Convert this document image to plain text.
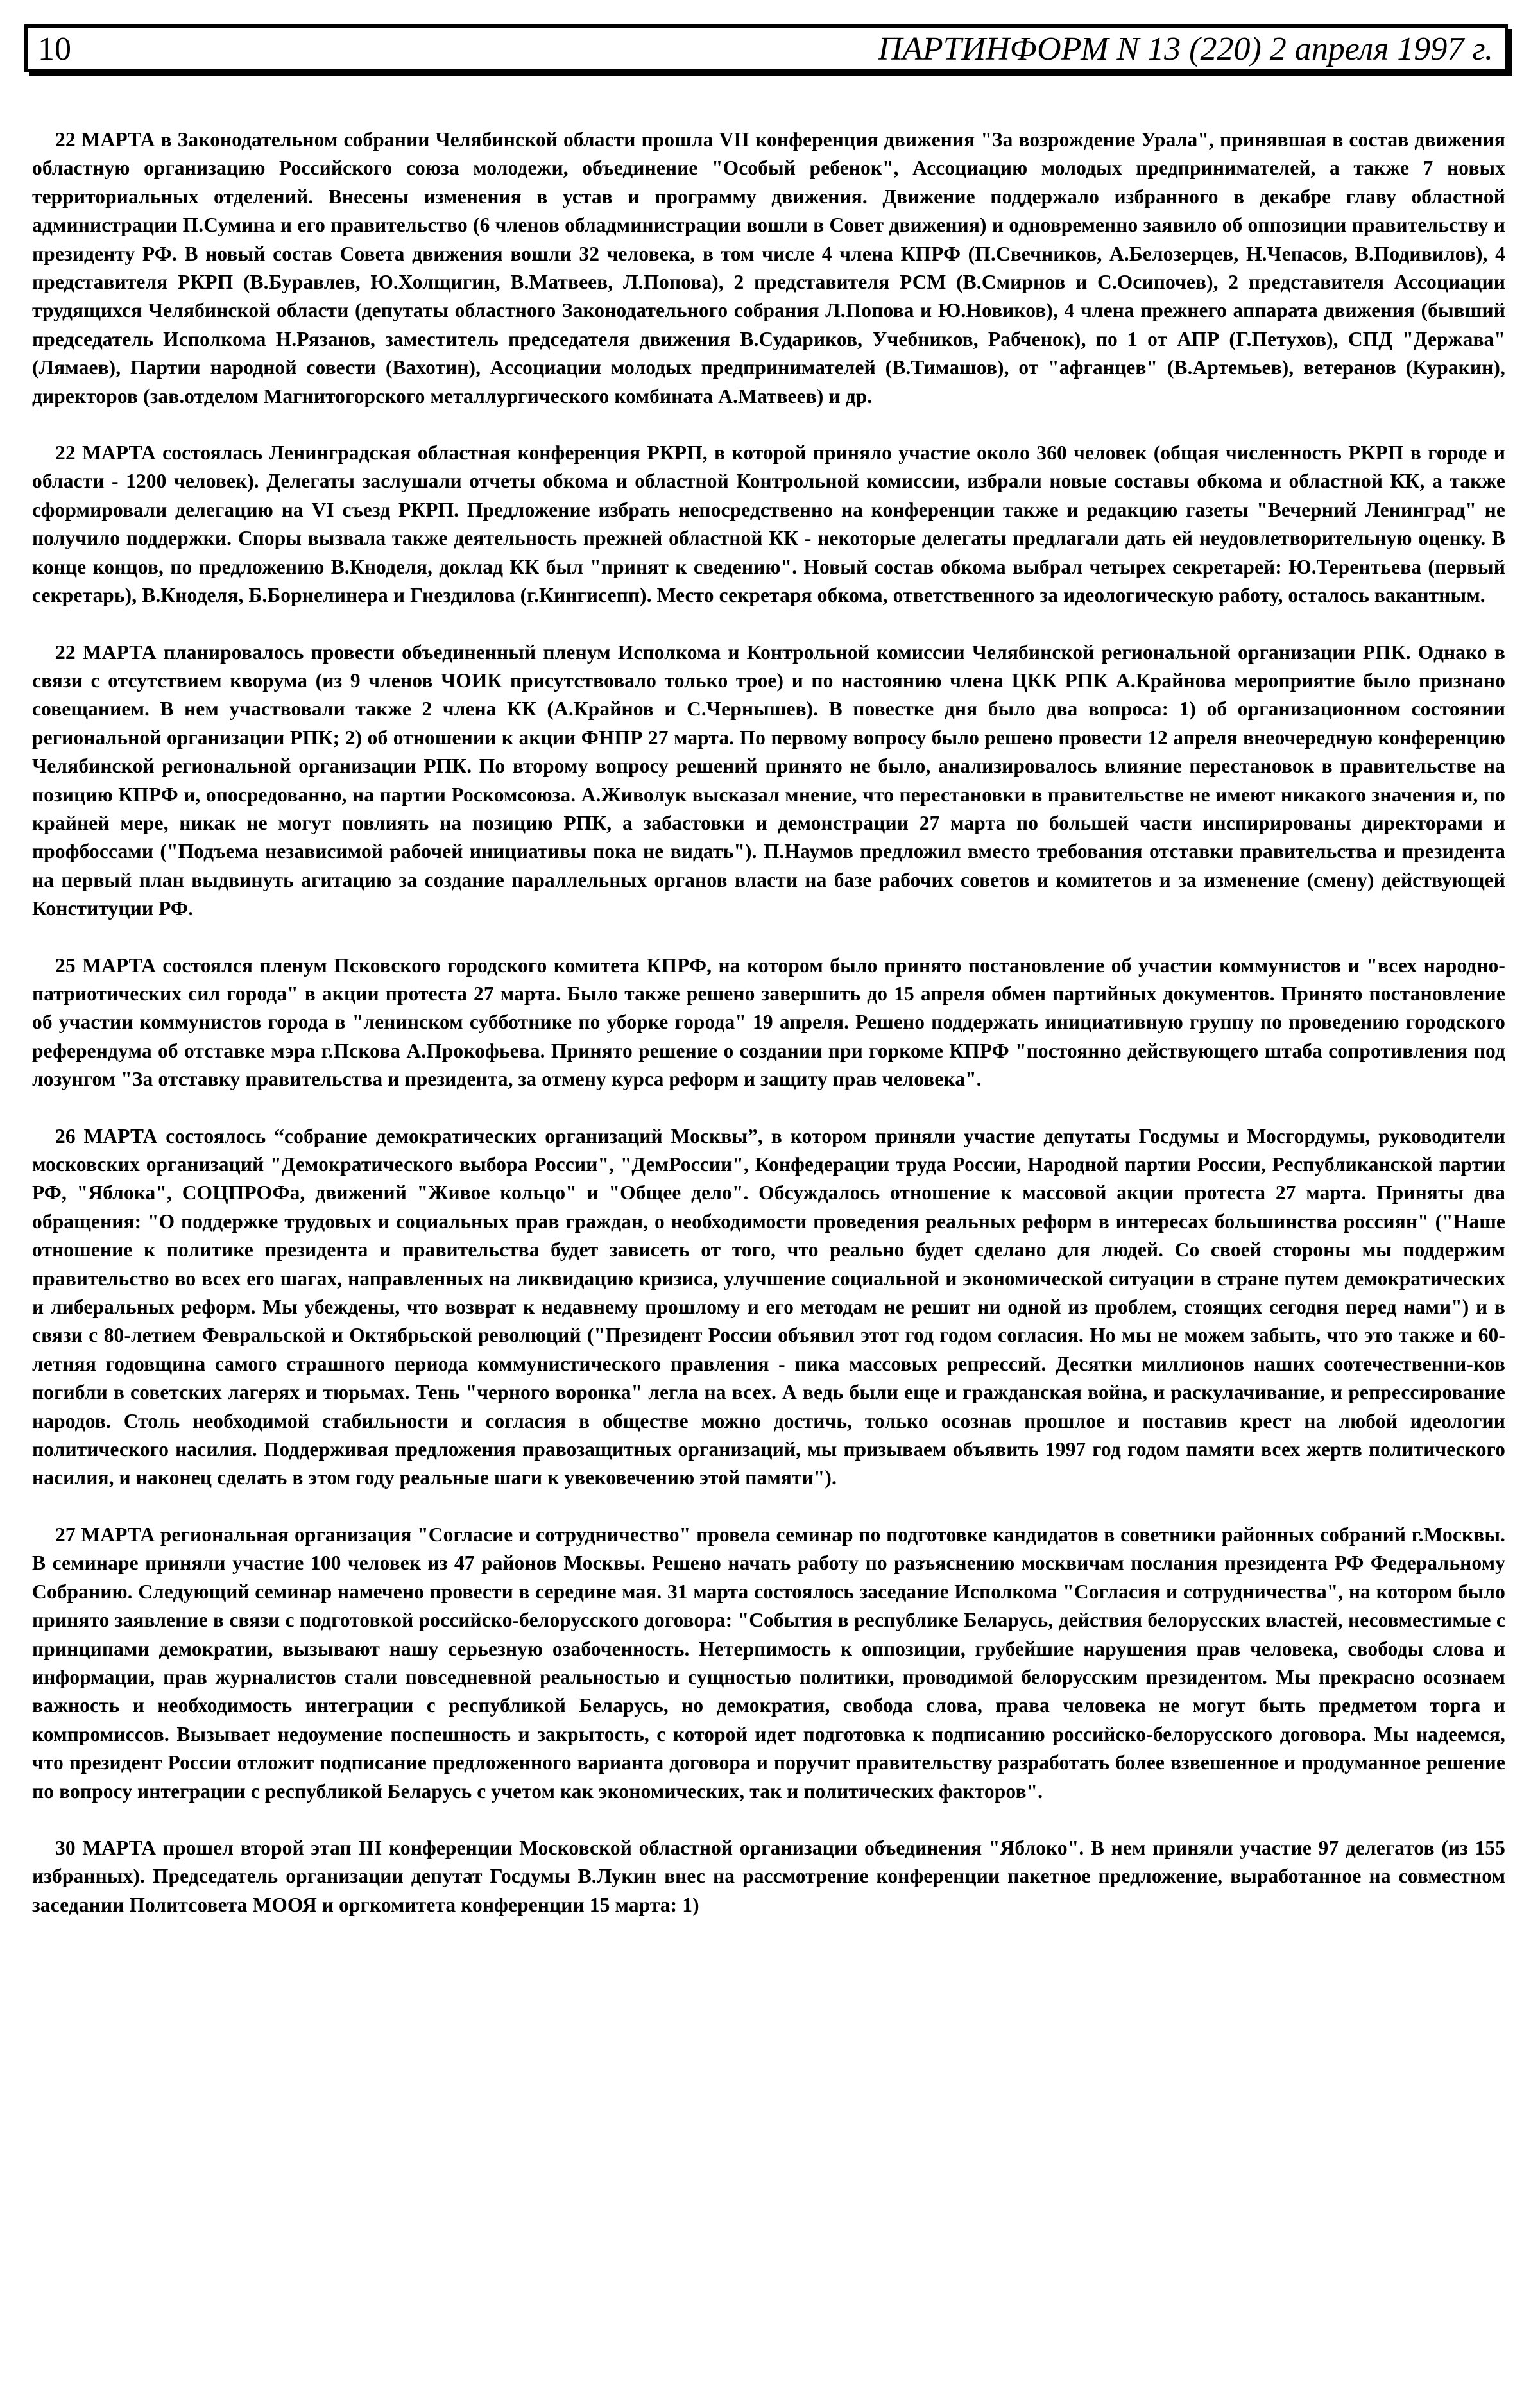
10	ПАРТИНФОРМ N 13 (220) 2 апреля 1997 г.

22 МАРТА в Законодательном собрании Челябинской области прошла VII конференция движения "За возрождение Урала", принявшая в состав движения областную организацию Российского союза молодежи, объединение "Особый ребенок", Ассоциацию молодых предпринимателей, а также 7 новых территориальных отделений. Внесены изменения в устав и программу движения. Движение поддержало избранного в декабре главу областной администрации П.Сумина и его правительство (6 членов обладминистрации вошли в Совет движения) и одновременно заявило об оппозиции правительству и президенту РФ. В новый состав Совета движения вошли 32 человека, в том числе 4 члена КПРФ (П.Свечников, А.Белозерцев, Н.Чепасов, В.Подивилов), 4 представителя РКРП (В.Буравлев, Ю.Холщигин, В.Матвеев, Л.Попова), 2 представителя РСМ (В.Смирнов и С.Осипочев), 2 представителя Ассоциации трудящихся Челябинской области (депутаты областного Законодательного собрания Л.Попова и Ю.Новиков), 4 члена прежнего аппарата движения (бывший председатель Исполкома Н.Рязанов, заместитель председателя движения В.Судариков, Учебников, Рабченок), по 1 от АПР (Г.Петухов), СПД "Держава" (Лямаев), Партии народной совести (Вахотин), Ассоциации молодых предпринимателей (В.Тимашов), от "афганцев" (В.Артемьев), ветеранов (Куракин), директоров (зав.отделом Магнитогорского металлургического комбината А.Матвеев) и др.

22 МАРТА состоялась Ленинградская областная конференция РКРП, в которой приняло участие около 360 человек (общая численность РКРП в городе и области - 1200 человек). Делегаты заслушали отчеты обкома и областной Контрольной комиссии, избрали новые составы обкома и областной КК, а также сформировали делегацию на VI съезд РКРП. Предложение избрать непосредственно на конференции также и редакцию газеты "Вечерний Ленинград" не получило поддержки. Споры вызвала также деятельность прежней областной КК - некоторые делегаты предлагали дать ей неудовлетворительную оценку. В конце концов, по предложению В.Кноделя, доклад КК был "принят к сведению". Новый состав обкома выбрал четырех секретарей: Ю.Терентьева (первый секретарь), В.Кноделя, Б.Борнелинера и Гнездилова (г.Кингисепп). Место секретаря обкома, ответственного за идеологическую работу, осталось вакантным.

22 МАРТА планировалось провести объединенный пленум Исполкома и Контрольной комиссии Челябинской региональной организации РПК. Однако в связи с отсутствием кворума (из 9 членов ЧОИК присутствовало только трое) и по настоянию члена ЦКК РПК А.Крайнова мероприятие было признано совещанием. В нем участвовали также 2 члена КК (А.Крайнов и С.Чернышев). В повестке дня было два вопроса: 1) об организационном состоянии региональной организации РПК; 2) об отношении к акции ФНПР 27 марта. По первому вопросу было решено провести 12 апреля внеочередную конференцию Челябинской региональной организации РПК. По второму вопросу решений принято не было, анализировалось влияние перестановок в правительстве на позицию КПРФ и, опосредованно, на партии Роскомсоюза. А.Живолук высказал мнение, что перестановки в правительстве не имеют никакого значения и, по крайней мере, никак не могут повлиять на позицию РПК, а забастовки и демонстрации 27 марта по большей части инспирированы директорами и профбоссами ("Подъема независимой рабочей инициативы пока не видать"). П.Наумов предложил вместо требования отставки правительства и президента на первый план выдвинуть агитацию за создание параллельных органов власти на базе рабочих советов и комитетов и за изменение (смену) действующей Конституции РФ.

25 МАРТА состоялся пленум Псковского городского комитета КПРФ, на котором было принято постановление об участии коммунистов и "всех народно-патриотических сил города" в акции протеста 27 марта. Было также решено завершить до 15 апреля обмен партийных документов. Принято постановление об участии коммунистов города в "ленинском субботнике по уборке города" 19 апреля. Решено поддержать инициативную группу по проведению городского референдума об отставке мэра г.Пскова А.Прокофьева. Принято решение о создании при горкоме КПРФ "постоянно действующего штаба сопротивления под лозунгом "За отставку правительства и президента, за отмену курса реформ и защиту прав человека".

26 МАРТА состоялось “собрание демократических организаций Москвы”, в котором приняли участие депутаты Госдумы и Мосгордумы, руководители московских организаций "Демократического выбора России", "ДемРоссии", Конфедерации труда России, Народной партии России, Республиканской партии РФ, "Яблока", СОЦПРОФа, движений "Живое кольцо" и "Общее дело". Обсуждалось отношение к массовой акции протеста 27 марта. Приняты два обращения: "О поддержке трудовых и социальных прав граждан, о необходимости проведения реальных реформ в интересах большинства россиян" ("Наше отношение к политике президента и правительства будет зависеть от того, что реально будет сделано для людей. Со своей стороны мы поддержим правительство во всех его шагах, направленных на ликвидацию кризиса, улучшение социальной и экономической ситуации в стране путем демократических и либеральных реформ. Мы убеждены, что возврат к недавнему прошлому и его методам не решит ни одной из проблем, стоящих сегодня перед нами") и в связи с 80-летием Февральской и Октябрьской революций ("Президент России объявил этот год годом согласия. Но мы не можем забыть, что это также и 60-летняя годовщина самого страшного периода коммунистического правления - пика массовых репрессий. Десятки миллионов наших соотечественни-ков погибли в советских лагерях и тюрьмах. Тень "черного воронка" легла на всех. А ведь были еще и гражданская война, и раскулачивание, и репрессирование народов. Столь необходимой стабильности и согласия в обществе можно достичь, только осознав прошлое и поставив крест на любой идеологии политического насилия. Поддерживая предложения правозащитных организаций, мы призываем объявить 1997 год годом памяти всех жертв политического насилия, и наконец сделать в этом году реальные шаги к увековечению этой памяти").

27 МАРТА региональная организация "Согласие и сотрудничество" провела семинар по подготовке кандидатов в советники районных собраний г.Москвы. В семинаре приняли участие 100 человек из 47 районов Москвы. Решено начать работу по разъяснению москвичам послания президента РФ Федеральному Собранию. Следующий семинар намечено провести в середине мая. 31 марта состоялось заседание Исполкома "Согласия и сотрудничества", на котором было принято заявление в связи с подготовкой российско-белорусского договора: "События в республике Беларусь, действия белорусских властей, несовместимые с принципами демократии, вызывают нашу серьезную озабоченность. Нетерпимость к оппозиции, грубейшие нарушения прав человека, свободы слова и информации, прав журналистов стали повседневной реальностью и сущностью политики, проводимой белорусским президентом. Мы прекрасно осознаем важность и необходимость интеграции с республикой Беларусь, но демократия, свобода слова, права человека не могут быть предметом торга и компромиссов. Вызывает недоумение поспешность и закрытость, с которой идет подготовка к подписанию российско-белорусского договора. Мы надеемся, что президент России отложит подписание предложенного варианта договора и поручит правительству разработать более взвешенное и продуманное решение по вопросу интеграции с республикой Беларусь с учетом как экономических, так и политических факторов".

30 МАРТА прошел второй этап III конференции Московской областной организации объединения "Яблоко". В нем приняли участие 97 делегатов (из 155 избранных). Председатель организации депутат Госдумы В.Лукин внес на рассмотрение конференции пакетное предложение, выработанное на совместном заседании Политсовета МООЯ и оргкомитета конференции 15 марта: 1)
